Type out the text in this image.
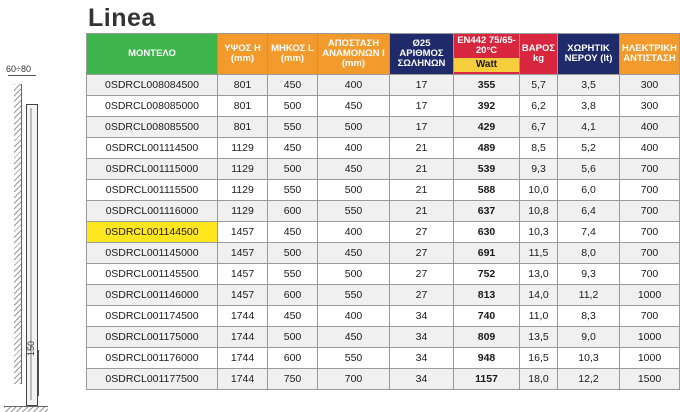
Linea
60÷80
150
ΜΟΝΤΕΛΟ	ΥΨΟΣ H (mm)	ΜΗΚΟΣ L (mm)	ΑΠΟΣΤΑΣΗ ΑΝΑΜΟΝΩΝ I (mm)	Ø25 ΑΡΙΘΜΟΣ ΣΩΛΗΝΩΝ	EN442 75/65-20°C
Watt	ΒΑΡΟΣ kg	ΧΩΡΗΤΙΚ ΝΕΡΟΥ (lt)	ΗΛΕΚΤΡΙΚΗ ΑΝΤΙΣΤΑΣΗ
0SDRCL008084500	801	450	400	17	355	5,7	3,5	300
0SDRCL008085000	801	500	450	17	392	6,2	3,8	300
0SDRCL008085500	801	550	500	17	429	6,7	4,1	400
0SDRCL001114500	1129	450	400	21	489	8,5	5,2	400
0SDRCL001115000	1129	500	450	21	539	9,3	5,6	700
0SDRCL001115500	1129	550	500	21	588	10,0	6,0	700
0SDRCL001116000	1129	600	550	21	637	10,8	6,4	700
0SDRCL001144500	1457	450	400	27	630	10,3	7,4	700
0SDRCL001145000	1457	500	450	27	691	11,5	8,0	700
0SDRCL001145500	1457	550	500	27	752	13,0	9,3	700
0SDRCL001146000	1457	600	550	27	813	14,0	11,2	1000
0SDRCL001174500	1744	450	400	34	740	11,0	8,3	700
0SDRCL001175000	1744	500	450	34	809	13,5	9,0	1000
0SDRCL001176000	1744	600	550	34	948	16,5	10,3	1000
0SDRCL001177500	1744	750	700	34	1157	18,0	12,2	1500
